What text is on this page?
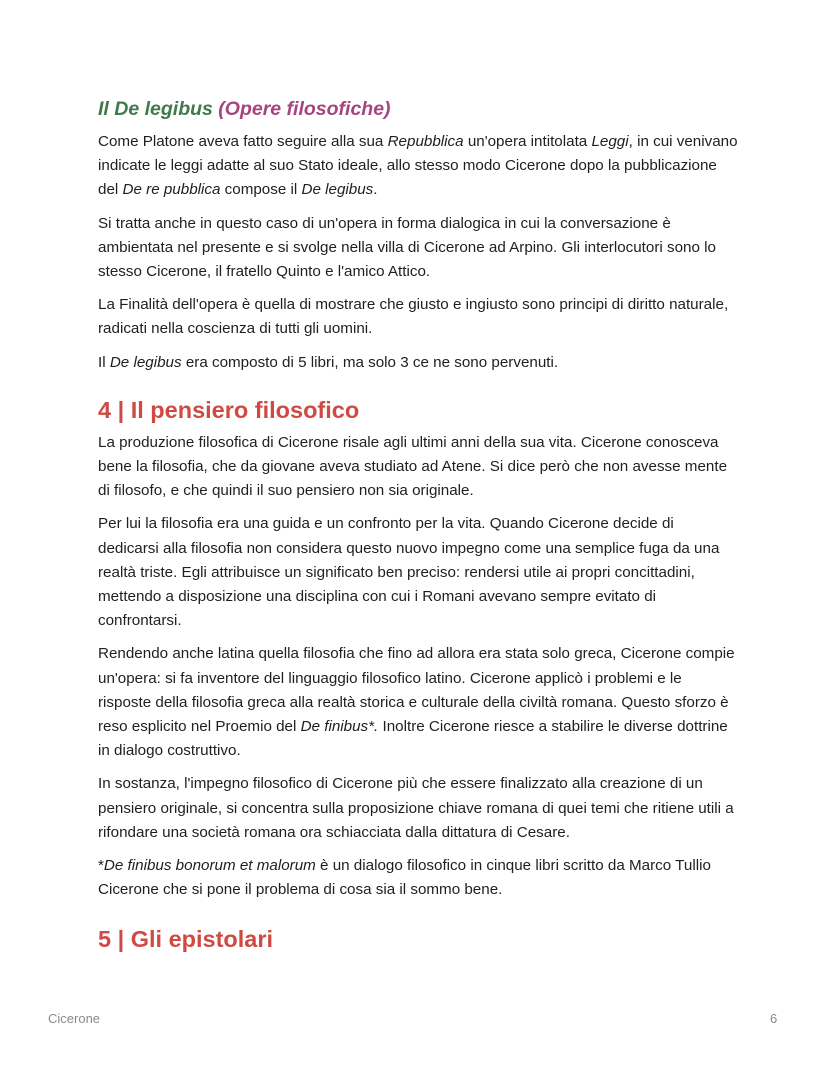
Il De legibus (Opere filosofiche)

Come Platone aveva fatto seguire alla sua Repubblica un'opera intitolata Leggi, in cui venivano indicate le leggi adatte al suo Stato ideale, allo stesso modo Cicerone dopo la pubblicazione del De re pubblica compose il De legibus.

Si tratta anche in questo caso di un'opera in forma dialogica in cui la conversazione è ambientata nel presente e si svolge nella villa di Cicerone ad Arpino. Gli interlocutori sono lo stesso Cicerone, il fratello Quinto e l'amico Attico.

La Finalità dell'opera è quella di mostrare che giusto e ingiusto sono principi di diritto naturale, radicati nella coscienza di tutti gli uomini.

Il De legibus era composto di 5 libri, ma solo 3 ce ne sono pervenuti.

4 | Il pensiero filosofico

La produzione filosofica di Cicerone risale agli ultimi anni della sua vita. Cicerone conosceva bene la filosofia, che da giovane aveva studiato ad Atene. Si dice però che non avesse mente di filosofo, e che quindi il suo pensiero non sia originale.

Per lui la filosofia era una guida e un confronto per la vita. Quando Cicerone decide di dedicarsi alla filosofia non considera questo nuovo impegno come una semplice fuga da una realtà triste. Egli attribuisce un significato ben preciso: rendersi utile ai propri concittadini, mettendo a disposizione una disciplina con cui i Romani avevano sempre evitato di confrontarsi.

Rendendo anche latina quella filosofia che fino ad allora era stata solo greca, Cicerone compie un'opera: si fa inventore del linguaggio filosofico latino. Cicerone applicò i problemi e le risposte della filosofia greca alla realtà storica e culturale della civiltà romana. Questo sforzo è reso esplicito nel Proemio del De finibus*. Inoltre Cicerone riesce a stabilire le diverse dottrine in dialogo costruttivo.

In sostanza, l'impegno filosofico di Cicerone più che essere finalizzato alla creazione di un pensiero originale, si concentra sulla proposizione chiave romana di quei temi che ritiene utili a rifondare una società romana ora schiacciata dalla dittatura di Cesare.

*De finibus bonorum et malorum è un dialogo filosofico in cinque libri scritto da Marco Tullio Cicerone che si pone il problema di cosa sia il sommo bene.

5 | Gli epistolari
Cicerone	6
